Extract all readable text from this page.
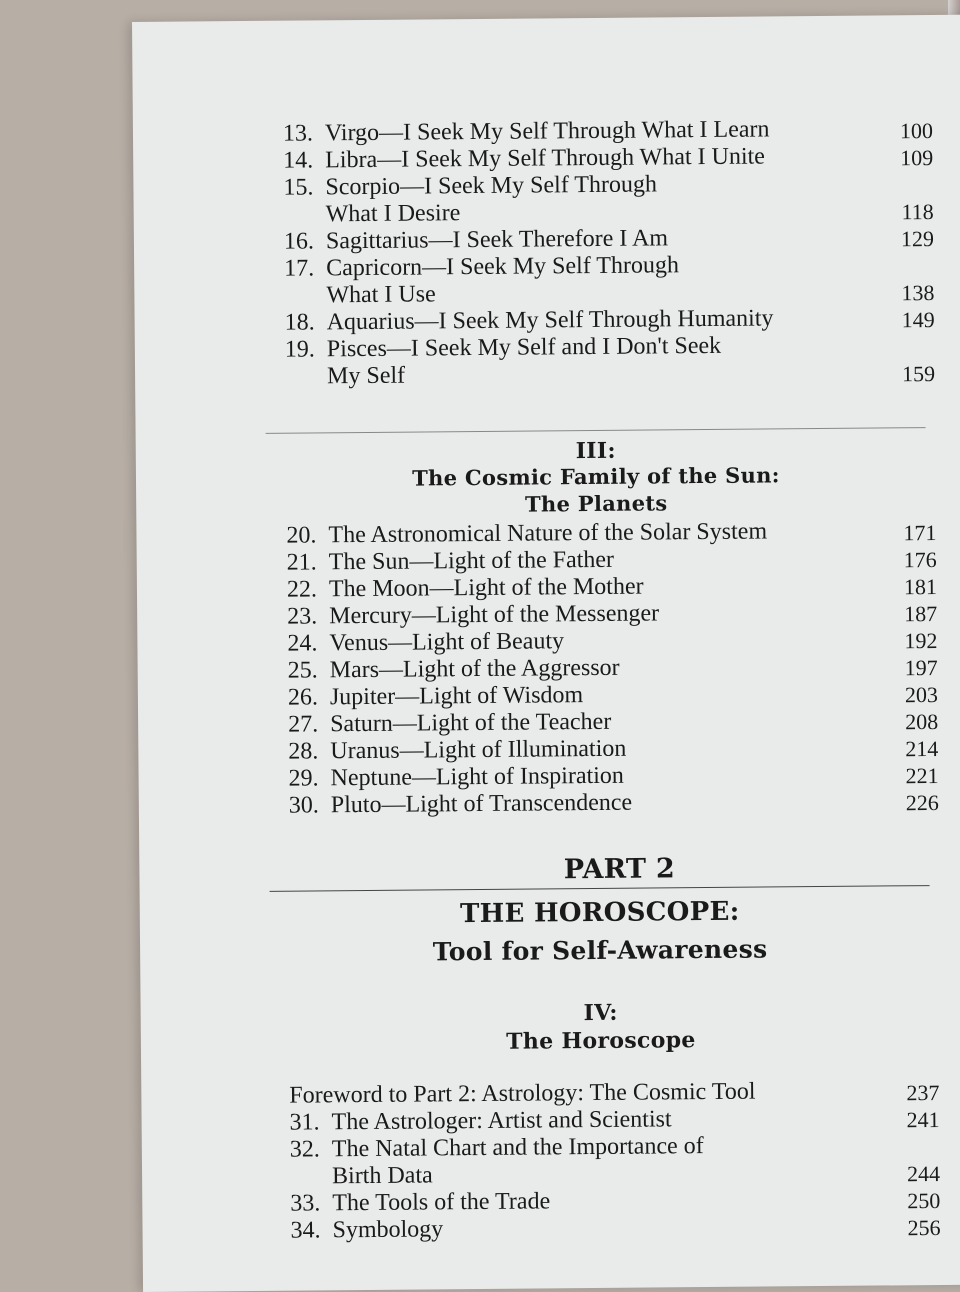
13. Virgo—I Seek My Self Through What I Learn	100
14. Libra—I Seek My Self Through What I Unite	109
15. Scorpio—I Seek My Self Through
What I Desire	118
16. Sagittarius—I Seek Therefore I Am	129
17. Capricorn—I Seek My Self Through
What I Use	138
18. Aquarius—I Seek My Self Through Humanity	149
19. Pisces—I Seek My Self and I Don't Seek
My Self	159
III:
The Cosmic Family of the Sun:
The Planets
20. The Astronomical Nature of the Solar System	171
21. The Sun—Light of the Father	176
22. The Moon—Light of the Mother	181
23. Mercury—Light of the Messenger	187
24. Venus—Light of Beauty	192
25. Mars—Light of the Aggressor	197
26. Jupiter—Light of Wisdom	203
27. Saturn—Light of the Teacher	208
28. Uranus—Light of Illumination	214
29. Neptune—Light of Inspiration	221
30. Pluto—Light of Transcendence	226
PART 2
THE HOROSCOPE:
Tool for Self-Awareness
IV:
The Horoscope
Foreword to Part 2: Astrology: The Cosmic Tool	237
31. The Astrologer: Artist and Scientist	241
32. The Natal Chart and the Importance of
Birth Data	244
33. The Tools of the Trade	250
34. Symbology	256
